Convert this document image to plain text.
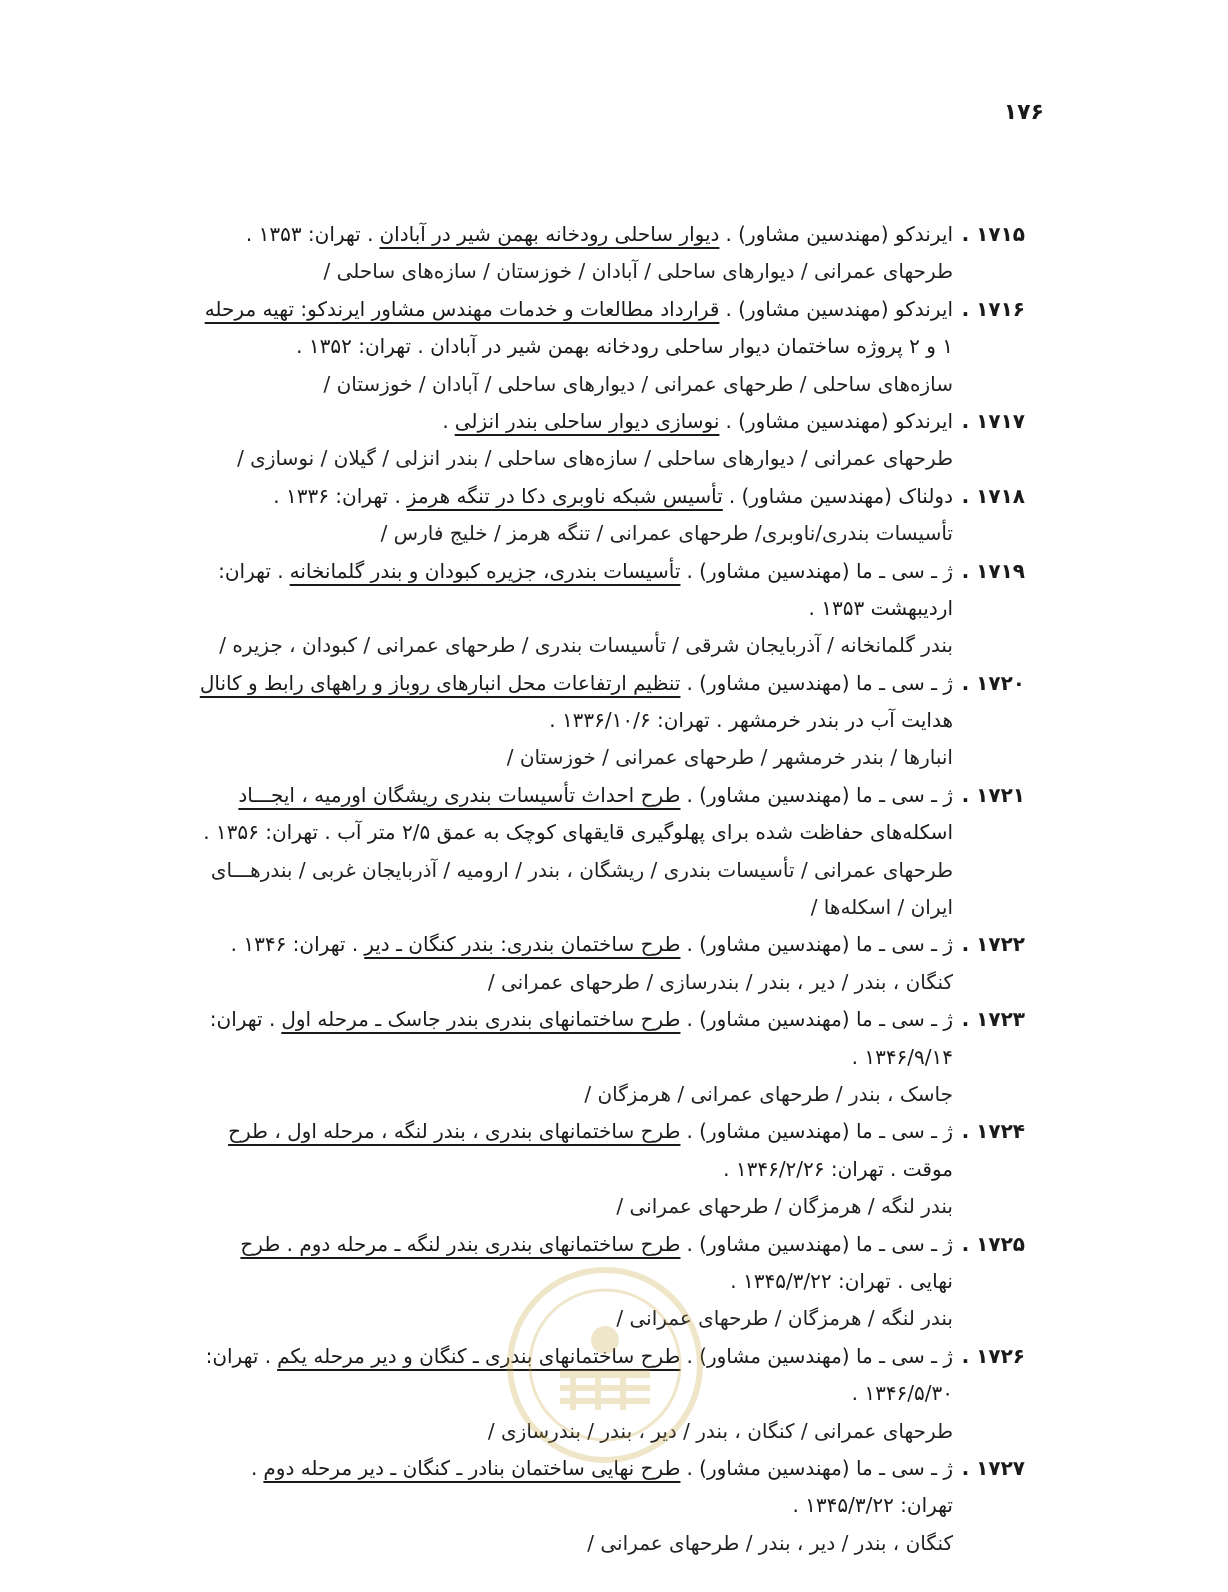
۱۷۶
۱۷۱۵ .
ایرندکو (مهندسین مشاور) .دیوار ساحلی رودخانه بهمن شیر در آبادان. تهران: ۱۳۵۳ .
طرحهای عمرانی / دیوارهای ساحلی / آبادان / خوزستان / سازه‌های ساحلی /
۱۷۱۶ .
ایرندکو (مهندسین مشاور) .قرارداد مطالعات و خدمات مهندس مشاور ایرندکو: تهیه مرحله
۱ و ۲ پروژه ساختمان دیوار ساحلی رودخانه بهمن شیر در آبادان . تهران: ۱۳۵۲ .
سازه‌های ساحلی / طرحهای عمرانی / دیوارهای ساحلی / آبادان / خوزستان /
۱۷۱۷ .
ایرندکو (مهندسین مشاور) .نوسازی دیوار ساحلی بندر انزلی.
طرحهای عمرانی / دیوارهای ساحلی / سازه‌های ساحلی / بندر انزلی / گیلان / نوسازی /
۱۷۱۸ .
دولناک (مهندسین مشاور) .تأسیس شبکه ناوبری دکا در تنگه هرمز. تهران: ۱۳۳۶ .
تأسیسات بندری/ناوبری/ طرحهای عمرانی / تنگه هرمز / خلیج فارس /
۱۷۱۹ .
ژ ـ سی ـ ما (مهندسین مشاور) .تأسیسات بندری، جزیره کبودان و بندر گلمانخانه. تهران:
اردیبهشت ۱۳۵۳ .
بندر گلمانخانه / آذربایجان شرقی / تأسیسات بندری / طرحهای عمرانی / کبودان ، جزیره /
۱۷۲۰ .
ژ ـ سی ـ ما (مهندسین مشاور) .تنظیم ارتفاعات محل انبارهای روباز و راههای رابط و کانال
هدایت آب در بندر خرمشهر . تهران: ۱۳۳۶/۱۰/۶ .
انبارها / بندر خرمشهر / طرحهای عمرانی / خوزستان /
۱۷۲۱ .
ژ ـ سی ـ ما (مهندسین مشاور) .طرح احداث تأسیسات بندری ریشگان اورمیه ، ایجـــاد
اسکله‌های حفاظت شده برای پهلوگیری قایقهای کوچک به عمق ۲/۵ متر آب . تهران: ۱۳۵۶ .
طرحهای عمرانی / تأسیسات بندری / ریشگان ، بندر / ارومیه / آذربایجان غربی / بندرهـــای
ایران / اسکله‌ها /
۱۷۲۲ .
ژ ـ سی ـ ما (مهندسین مشاور) .طرح ساختمان بندری: بندر کنگان ـ دیر. تهران: ۱۳۴۶ .
کنگان ، بندر / دیر ، بندر / بندرسازی / طرحهای عمرانی /
۱۷۲۳ .
ژ ـ سی ـ ما (مهندسین مشاور) .طرح ساختمانهای بندری بندر جاسک ـ مرحله اول. تهران:
۱۳۴۶/۹/۱۴ .
جاسک ، بندر / طرحهای عمرانی / هرمزگان /
۱۷۲۴ .
ژ ـ سی ـ ما (مهندسین مشاور) .طرح ساختمانهای بندری ، بندر لنگه ، مرحله اول ، طرح
موقت . تهران: ۱۳۴۶/۲/۲۶ .
بندر لنگه / هرمزگان / طرحهای عمرانی /
۱۷۲۵ .
ژ ـ سی ـ ما (مهندسین مشاور) .طرح ساختمانهای بندری بندر لنگه ـ مرحله دوم . طرح
نهایی . تهران: ۱۳۴۵/۳/۲۲ .
بندر لنگه / هرمزگان / طرحهای عمرانی /
۱۷۲۶ .
ژ ـ سی ـ ما (مهندسین مشاور) .طرح ساختمانهای بندری ـ کنگان و دیر مرحله یکم. تهران:
۱۳۴۶/۵/۳۰ .
طرحهای عمرانی / کنگان ، بندر / دیر ، بندر / بندرسازی /
۱۷۲۷ .
ژ ـ سی ـ ما (مهندسین مشاور) .طرح نهایی ساختمان بنادر ـ کنگان ـ دیر مرحله دوم.
تهران: ۱۳۴۵/۳/۲۲ .
کنگان ، بندر / دیر ، بندر / طرحهای عمرانی /
